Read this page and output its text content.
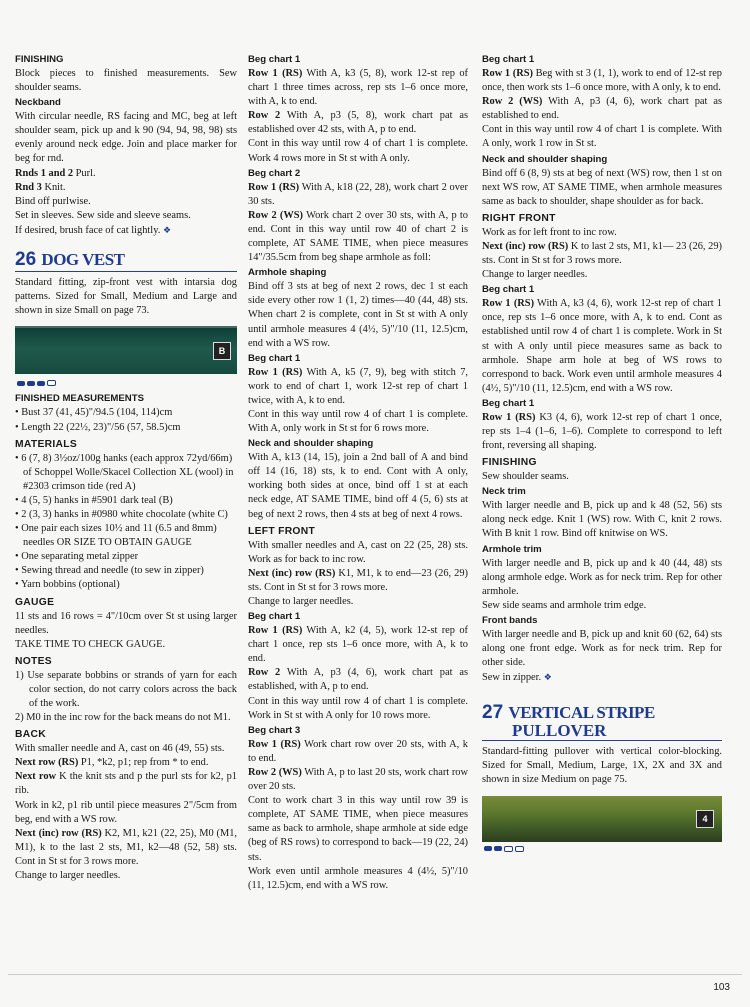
FINISHING

Block pieces to finished measurements. Sew shoulder seams.

Neckband

With circular needle, RS facing and MC, beg at left shoulder seam, pick up and k 90 (94, 94, 98, 98) sts evenly around neck edge. Join and place marker for beg for rnd.

Rnds 1 and 2 Purl.

Rnd 3 Knit.

Bind off purlwise.

Set in sleeves. Sew side and sleeve seams.

If desired, brush face of cat lightly. ❖

26 DOG VEST

Standard fitting, zip-front vest with intarsia dog patterns. Sized for Small, Medium and Large and shown in size Small on page 73.

B
FINISHED MEASUREMENTS

• Bust 37 (41, 45)"/94.5 (104, 114)cm

• Length 22 (22½, 23)"/56 (57, 58.5)cm

MATERIALS

• 6 (7, 8) 3½oz/100g hanks (each approx 72yd/66m) of Schoppel Wolle/Skacel Collection XL (wool) in #2303 crimson tide (red A)

• 4 (5, 5) hanks in #5901 dark teal (B)

• 2 (3, 3) hanks in #0980 white chocolate (white C)

• One pair each sizes 10½ and 11 (6.5 and 8mm) needles OR SIZE TO OBTAIN GAUGE

• One separating metal zipper

• Sewing thread and needle (to sew in zipper)

• Yarn bobbins (optional)

GAUGE

11 sts and 16 rows = 4"/10cm over St st using larger needles.

TAKE TIME TO CHECK GAUGE.

NOTES

1) Use separate bobbins or strands of yarn for each color section, do not carry colors across the back of the work.

2) M0 in the inc row for the back means do not M1.

BACK

With smaller needle and A, cast on 46 (49, 55) sts.

Next row (RS) P1, *k2, p1; rep from * to end.

Next row K the knit sts and p the purl sts for k2, p1 rib.

Work in k2, p1 rib until piece measures 2"/5cm from beg, end with a WS row.

Next (inc) row (RS) K2, M1, k21 (22, 25), M0 (M1, M1), k to the last 2 sts, M1, k2—48 (52, 58) sts. Cont in St st for 3 rows more.

Change to larger needles.

Beg chart 1

Row 1 (RS) With A, k3 (5, 8), work 12-st rep of chart 1 three times across, rep sts 1–6 once more, with A, k to end.

Row 2 With A, p3 (5, 8), work chart pat as established over 42 sts, with A, p to end.

Cont in this way until row 4 of chart 1 is complete. Work 4 rows more in St st with A only.

Beg chart 2

Row 1 (RS) With A, k18 (22, 28), work chart 2 over 30 sts.

Row 2 (WS) Work chart 2 over 30 sts, with A, p to end. Cont in this way until row 40 of chart 2 is complete, AT SAME TIME, when piece measures 14"/35.5cm from beg shape armhole as foll:

Armhole shaping

Bind off 3 sts at beg of next 2 rows, dec 1 st each side every other row 1 (1, 2) times—40 (44, 48) sts. When chart 2 is complete, cont in St st with A only until armhole measures 4 (4½, 5)"/10 (11, 12.5)cm, end with a WS row.

Beg chart 1

Row 1 (RS) With A, k5 (7, 9), beg with stitch 7, work to end of chart 1, work 12-st rep of chart 1 twice, with A, k to end.

Cont in this way until row 4 of chart 1 is complete. With A, only work in St st for 6 rows more.

Neck and shoulder shaping

With A, k13 (14, 15), join a 2nd ball of A and bind off 14 (16, 18) sts, k to end. Cont with A only, working both sides at once, bind off 1 st at each neck edge, AT SAME TIME, bind off 4 (5, 6) sts at beg of next 2 rows, then 4 sts at beg of next 4 rows.

LEFT FRONT

With smaller needles and A, cast on 22 (25, 28) sts. Work as for back to inc row.

Next (inc) row (RS) K1, M1, k to end—23 (26, 29) sts. Cont in St st for 3 rows more.

Change to larger needles.

Beg chart 1

Row 1 (RS) With A, k2 (4, 5), work 12-st rep of chart 1 once, rep sts 1–6 once more, with A, k to end.

Row 2 With A, p3 (4, 6), work chart pat as established, with A, p to end.

Cont in this way until row 4 of chart 1 is complete. Work in St st with A only for 10 rows more.

Beg chart 3

Row 1 (RS) Work chart row over 20 sts, with A, k to end.

Row 2 (WS) With A, p to last 20 sts, work chart row over 20 sts.

Cont to work chart 3 in this way until row 39 is complete, AT SAME TIME, when piece measures same as back to armhole, shape armhole at side edge (beg of RS rows) to correspond to back—19 (22, 24) sts.

Work even until armhole measures 4 (4½, 5)"/10 (11, 12.5)cm, end with a WS row.

Beg chart 1

Row 1 (RS) Beg with st 3 (1, 1), work to end of 12-st rep once, then work sts 1–6 once more, with A only, k to end.

Row 2 (WS) With A, p3 (4, 6), work chart pat as established to end.

Cont in this way until row 4 of chart 1 is complete. With A only, work 1 row in St st.

Neck and shoulder shaping

Bind off 6 (8, 9) sts at beg of next (WS) row, then 1 st on next WS row, AT SAME TIME, when armhole measures same as back to shoulder, shape shoulder as for back.

RIGHT FRONT

Work as for left front to inc row.

Next (inc) row (RS) K to last 2 sts, M1, k1— 23 (26, 29) sts. Cont in St st for 3 rows more.

Change to larger needles.

Beg chart 1

Row 1 (RS) With A, k3 (4, 6), work 12-st rep of chart 1 once, rep sts 1–6 once more, with A, k to end. Cont as established until row 4 of chart 1 is complete. Work in St st with A only until piece measures same as back to armhole. Shape arm hole at beg of WS rows to correspond to back. Work even until armhole measures 4 (4½, 5)"/10 (11, 12.5)cm, end with a WS row.

Beg chart 1

Row 1 (RS) K3 (4, 6), work 12-st rep of chart 1 once, rep sts 1–4 (1–6, 1–6). Complete to correspond to left front, reversing all shaping.

FINISHING

Sew shoulder seams.

Neck trim

With larger needle and B, pick up and k 48 (52, 56) sts along neck edge. Knit 1 (WS) row. With C, knit 2 rows. With B knit 1 row. Bind off knitwise on WS.

Armhole trim

With larger needle and B, pick up and k 40 (44, 48) sts along armhole edge. Work as for neck trim. Rep for other armhole.

Sew side seams and armhole trim edge.

Front bands

With larger needle and B, pick up and knit 60 (62, 64) sts along one front edge. Work as for neck trim. Rep for other side.

Sew in zipper. ❖

27 VERTICAL STRIPE
PULLOVER

Standard-fitting pullover with vertical color-blocking. Sized for Small, Medium, Large, 1X, 2X and 3X and shown in size Medium on page 75.

4
103
